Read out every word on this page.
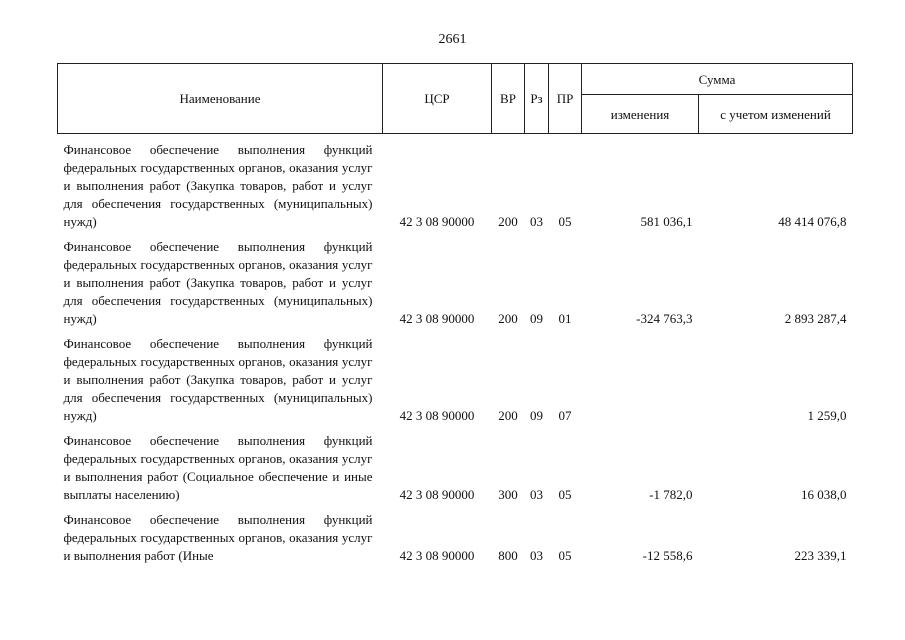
2661
Наименование	ЦСР	ВР	Рз	ПР	Сумма	
					изменения	с учетом изменений

Финансовое обеспечение выполнения функций федеральных государственных органов, оказания услуг и выполнения работ (Закупка товаров, работ и услуг для обеспечения государственных (муниципальных) нужд)	42 3 08 90000	200	03	05	581 036,1	48 414 076,8

Финансовое обеспечение выполнения функций федеральных государственных органов, оказания услуг и выполнения работ (Закупка товаров, работ и услуг для обеспечения государственных (муниципальных) нужд)	42 3 08 90000	200	09	01	-324 763,3	2 893 287,4

Финансовое обеспечение выполнения функций федеральных государственных органов, оказания услуг и выполнения работ (Закупка товаров, работ и услуг для обеспечения государственных (муниципальных) нужд)	42 3 08 90000	200	09	07		1 259,0

Финансовое обеспечение выполнения функций федеральных государственных органов, оказания услуг и выполнения работ (Социальное обеспечение и иные выплаты населению)	42 3 08 90000	300	03	05	-1 782,0	16 038,0

Финансовое обеспечение выполнения функций федеральных государственных органов, оказания услуг и выполнения работ (Иные	42 3 08 90000	800	03	05	-12 558,6	223 339,1
